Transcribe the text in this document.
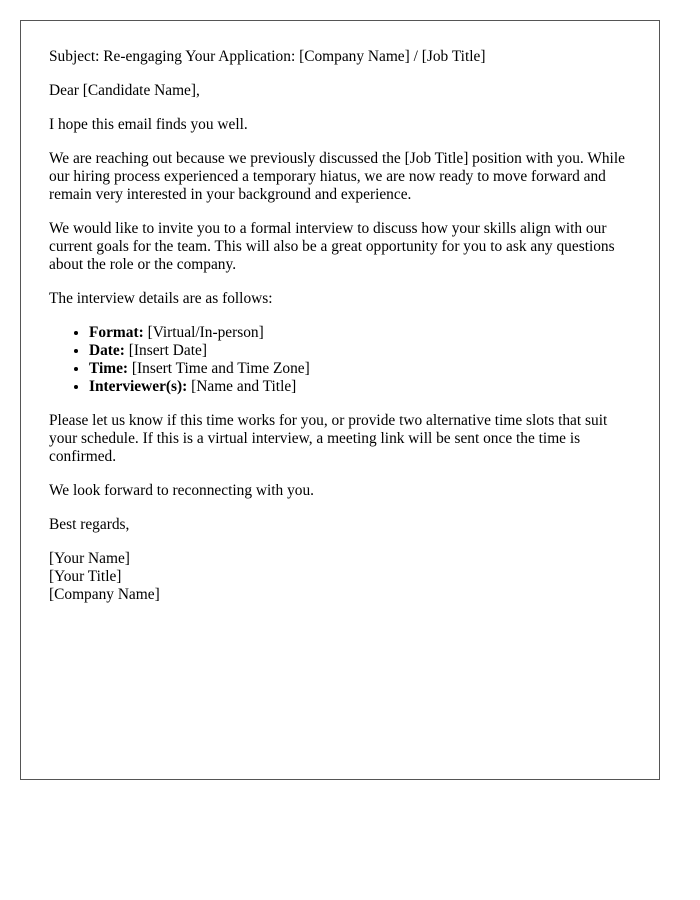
Subject: Re-engaging Your Application: [Company Name] / [Job Title]

Dear [Candidate Name],

I hope this email finds you well.

We are reaching out because we previously discussed the [Job Title] position with you. While our hiring process experienced a temporary hiatus, we are now ready to move forward and remain very interested in your background and experience.

We would like to invite you to a formal interview to discuss how your skills align with our current goals for the team. This will also be a great opportunity for you to ask any questions about the role or the company.

The interview details are as follows:

• Format: [Virtual/In-person]
• Date: [Insert Date]
• Time: [Insert Time and Time Zone]
• Interviewer(s): [Name and Title]

Please let us know if this time works for you, or provide two alternative time slots that suit your schedule. If this is a virtual interview, a meeting link will be sent once the time is confirmed.

We look forward to reconnecting with you.

Best regards,

[Your Name]

[Your Title]

[Company Name]
